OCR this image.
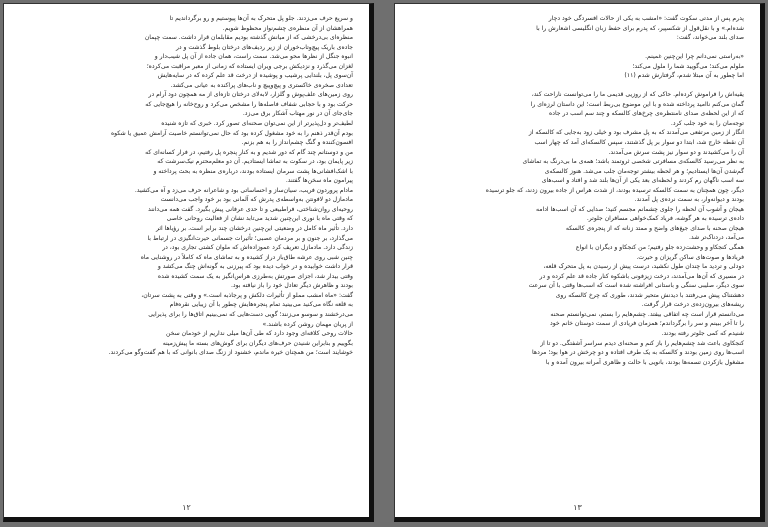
و سریع حرف می‌زدند. جلو پل متحرک به آن‌ها پیوستیم و رو برگرداندیم تا

همراهشان از آن منظره‌ی چشم‌نواز محظوظ شویم.

منظره‌ای بی‌درخشی که از میانش گذشته بودیم مقابلمان قرار داشت. سمت چپمان

جاده‌ی باریک پیچ‌وتاب‌خوران از زیر ردیف‌های درختان بلوط گذشت و در

انبوه جنگل از نظرها محو می‌شد. سمت راست، همان جاده از آن پل شیب‌دار و

لغزان می‌گذرد و نزدیکش برجی ویران ایستاده که زمانی از معبر مراقبت می‌کرده؛

آن‌سوی پل، بلندایی پرشیب و پوشیده از درخت قد علم کرده که در سایه‌هایش

تعدادی صخره‌ی خاکستری و پیچ‌وپیچ و ناب‌های پراکنده به عیانی می‌کشد.

روی زمین‌های علف‌پوش و گلزار، لابه‌لای درختان تازه‌ای از مه همچون دود آرام در

حرکت بود و با حجابی شفاف فاصله‌ها را مشخص می‌کرد و روح‌خانه را هیچ‌جایی که

جای‌جای آن در نور مهتاب آشکار برق می‌زد.

لطیف‌تر و دل‌پذیرتر از این نمی‌توان صحنه‌ای تصور کرد. خبری که تازه شنیده

بودم آن‌قدر ذهنم را به خود مشغول کرده بود که حال نمی‌توانستم خاصیت آرامش عمیق یا شکوه

افسون‌کننده و گنگ چشم‌انداز را به هم بزنم.

من و دوستانم چند گام که دور شدیم و به کنار پنجره پل رفتیم، در فرار کسانه‌ای که

زیر پایمان بود، در سکوت به تماشا ایستادیم. آن دو معلم‌محترم نیک‌سرشت که

با اشک‌افشانی‌ها پشت سرمان ایستاده بودند، درباره‌ی منظره به بحث پرداخته و

پیرامون ماه سخن‌ها گفتند.

مادام پروردون فریب، سیان‌ساز و احساساتی بود و شاعرانه حرف می‌زد و آه می‌کشید.

مادمازل دو لافونتن به‌واسطه‌ی پدرش که آلمانی بود بر خود واجب می‌دانست

روحیه‌ای روان‌شناختی، فراطبیعی و تا حدی عرفانی پیش بگیرد. گفت همه می‌دانند

که وقتی ماه با نوری این‌چنین شدید می‌تابد نشان از فعالیت روحانی خاصی

دارد. تأثیر ماه کامل در وضعیتی این‌چنین درخشان چند برابر است. بر رؤیاها اثر

می‌گذارد، بر جنون و بر مردمان عصبی؛ تأثیرات جسمانی حیرت‌انگیزی در ارتباط با

زندگی دارد. مادمازل تعریف کرد عموزاده‌اش که ملوان کشتی تجاری بود، در

چنین شبی روی عرشه طاق‌باز دراز کشیده و به تماشای ماه که کاملاً در روشنایی ماه

قرار داشت خوابیده و در خواب دیده بود که پیرزنی به گونه‌اش چنگ می‌کشد و

وقتی بیدار شد، اجزای صورتش به‌طرزی هراس‌انگیز به یک سمت کشیده شده

بودند و ظاهرش دیگر تعادل خود را باز نیافته بود.

گفت: «ماه امشب مملو از تأثیرات دلکش و پرجاذبه است.» و وقتی به پشت سرتان،

به قلعه نگاه می‌کنید می‌بینید تمام پنجره‌هایش چطور با آن زیبایی نقره‌فام

می‌درخشند و سوسو می‌زنند؛ گویی دست‌هایی که نمی‌بینیم اتاق‌ها را برای پذیرایی

از پریان مهمان روشن کرده باشند.»

حالات روحی کلافه‌ای وجود دارد که طی آن‌ها میلی نداریم از خودمان سخن

بگوییم و بنابراین شنیدن حرف‌های دیگران برای گوش‌های بسته ما پیش‌زمینه

خوشایند است؛ من همچنان خیره ماندم، خشنود از زنگ صدای بانوانی که با هم گفت‌وگو می‌کردند.

۱۲

پدرم پس از مدتی سکوت گفت: «امشب به یکی از حالات افسردگی خود دچار

شده‌ام.» و با نقل‌قول از شکسپیر، که پدرم برای حفظ زبان انگلیسی اشعارش را با

صدای بلند می‌خواند، گفت:

«به‌راستی نمی‌دانم چرا این‌چنین غمینم.

ملولم می‌کند؛ می‌گویید شما را ملول می‌کند؛

اما چطور به آن مبتلا شدم، گرفتارش شدم (۱۱)

یقیه‌اش را فراموش کرده‌ام. حاکی که از روزیی قدیمی ما را می‌توانست ناراحت کند،

گمان می‌کنم ناامید پرداخته شده و با این موضوع بی‌ربط است؛ این داستان لرزه‌ای را

که از این لحظه‌ی صدای نامنتظره‌ی چرخ‌های کالسکه و چند سم اسب در جاده

توجه‌مان را به خود جلب کرد.

انگار از زمین مرتفعی می‌آمدند که به پل مشرف بود و خیلی زود به‌جایی که کالسکه از

آن نقطه خارج شد، ابتدا دو سوار بر پل گذشتند، سپس کالسکه‌ای آمد که چهار اسب

آن را می‌کشیدند و دو سوار نیز پشت سرش می‌آمدند.

به نظر می‌رسید کالسکه‌ی مسافرتی شخصی ثروتمند باشد؛ همه‌ی ما بی‌درنگ به تماشای

گم‌شدن آن‌ها ایستادیم؛ و هر لحظه بیشتر توجه‌مان جلب می‌شد. هنوز کالسکه‌ی

سه اسب ناگهان رم کردند و لحظه‌ای بعد یکی از آن‌ها بلند شد و افتاد و اسب‌های

دیگر، چون همچنان به سمت کالسکه ترسیده بودند، از شدت هراس از جاده بیرون زدند، که جلو ترسیده

بودند و دیوانه‌وار، به سمت نرده‌ی پل آمدند.

هیجان و آشوب آن لحظه را جلوی چشمانم مجسم کنید؛ صدایی که آن اسب‌ها ادامه

داده‌ی ترسیده به هر گوشه، فریاد کمک‌خواهی مسافران جلوتر.

هیجان صحنه با صدای جیغ‌های واضح و ممتد زنانه که از پنجره‌ی کالسکه

می‌آمد، دردناک‌تر شد.

همگی کنجکاو و وحشت‌زده جلو رفتیم؛ من کنجکاو و دیگران با انواع

فریادها و صوت‌های ساکن گریزان و حیرت.

دودلی و تردید ما چندان طول نکشید، درست پیش از رسیدن به پل متحرک قلعه،

در مسیری که آن‌ها می‌آمدند، درخت زیزفونی باشکوه کنار جاده قد علم کرده و در

سوی دیگر، صلیبی سنگی و باستانی افراشته شده است که اسب‌ها وقتی با آن سرعت

دهشتناک پیش می‌رفتند با دیدنش متحیر شدند، طوری که چرخ کالسکه روی

ریشه‌های بیرون‌زده‌ی درخت قرار گرفت.

می‌دانستم قرار است چه اتفاقی بیفتد. چشم‌هایم را بستم، نمی‌توانستم صحنه

را تا آخر ببینم و سر را برگرداندم؛ همزمان فریادی از سمت دوستان خانم خود

شنیدم که کمی جلوتر رفته بودند.

کنجکاوی باعث شد چشم‌هایم را باز کنم و صحنه‌ای دیدم سراسر آشفتگی. دو تا از

اسب‌ها روی زمین بودند و کالسکه به یک طرف افتاده و دو چرخش در هوا بود؛ مردها

مشغول بازکردن تسمه‌ها بودند، بانویی با حالت و ظاهری آمرانه بیرون آمده و با

۱۳
